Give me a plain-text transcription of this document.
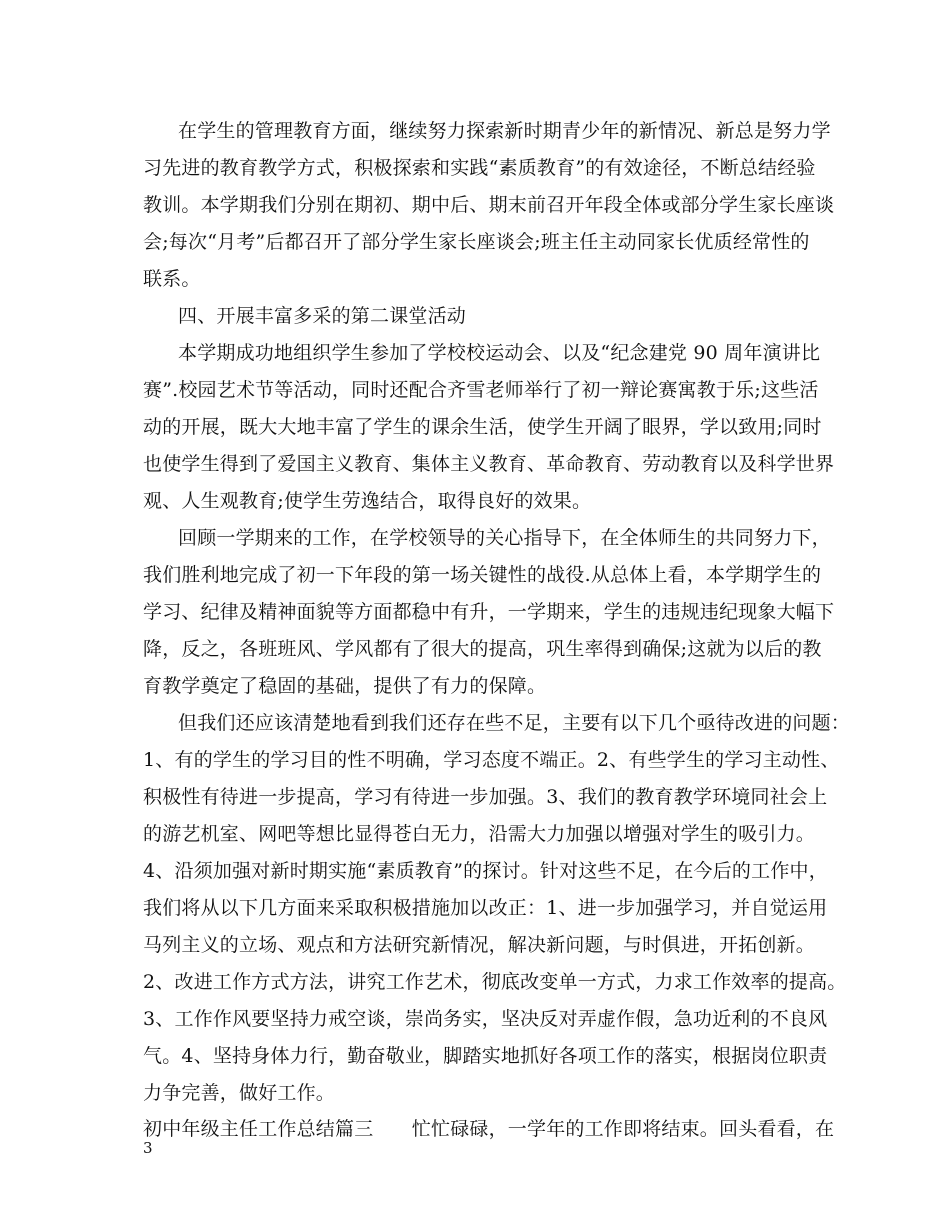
在学生的管理教育方面，继续努力探索新时期青少年的新情况、新总是努力学
习先进的教育教学方式，积极探索和实践“素质教育”的有效途径，不断总结经验
教训。本学期我们分别在期初、期中后、期末前召开年段全体或部分学生家长座谈
会;每次“月考”后都召开了部分学生家长座谈会;班主任主动同家长优质经常性的
联系。
四、开展丰富多采的第二课堂活动
本学期成功地组织学生参加了学校校运动会、以及“纪念建党 90 周年演讲比
赛”.校园艺术节等活动，同时还配合齐雪老师举行了初一辩论赛寓教于乐;这些活
动的开展，既大大地丰富了学生的课余生活，使学生开阔了眼界，学以致用;同时
也使学生得到了爱国主义教育、集体主义教育、革命教育、劳动教育以及科学世界
观、人生观教育;使学生劳逸结合，取得良好的效果。
回顾一学期来的工作，在学校领导的关心指导下，在全体师生的共同努力下，
我们胜利地完成了初一下年段的第一场关键性的战役.从总体上看，本学期学生的
学习、纪律及精神面貌等方面都稳中有升，一学期来，学生的违规违纪现象大幅下
降，反之，各班班风、学风都有了很大的提高，巩生率得到确保;这就为以后的教
育教学奠定了稳固的基础，提供了有力的保障。
但我们还应该清楚地看到我们还存在些不足，主要有以下几个亟待改进的问题：
1、有的学生的学习目的性不明确，学习态度不端正。2、有些学生的学习主动性、
积极性有待进一步提高，学习有待进一步加强。3、我们的教育教学环境同社会上
的游艺机室、网吧等想比显得苍白无力，沿需大力加强以增强对学生的吸引力。
4、沿须加强对新时期实施“素质教育”的探讨。针对这些不足，在今后的工作中，
我们将从以下几方面来采取积极措施加以改正：1、进一步加强学习，并自觉运用
马列主义的立场、观点和方法研究新情况，解决新问题，与时俱进，开拓创新。
2、改进工作方式方法，讲究工作艺术，彻底改变单一方式，力求工作效率的提高。
3、工作作风要坚持力戒空谈，崇尚务实，坚决反对弄虚作假，急功近利的不良风
气。4、坚持身体力行，勤奋敬业，脚踏实地抓好各项工作的落实，根据岗位职责
力争完善，做好工作。
初中年级主任工作总结篇三　　忙忙碌碌，一学年的工作即将结束。回头看看，在
3
